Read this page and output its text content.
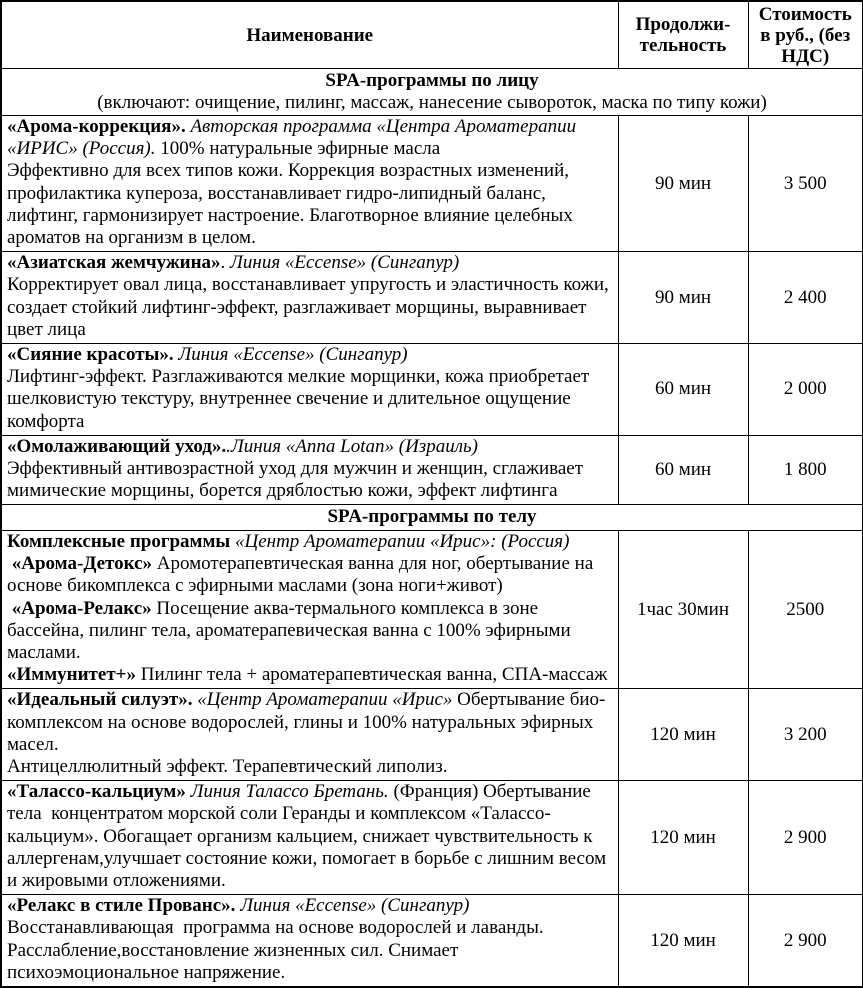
Наименование	Продолжи-тельность	Стоимость в руб., (без НДС)

SPA-программы по лицу
(включают: очищение, пилинг, массаж, нанесение сывороток, маска по типу кожи)		

«Арома-коррекция». Авторская программа «Центра Ароматерапии «ИРИС» (Россия). 100% натуральные эфирные масла
Эффективно для всех типов кожи. Коррекция возрастных изменений, профилактика купероза, восстанавливает гидро-липидный баланс, лифтинг, гармонизирует настроение. Благотворное влияние целебных ароматов на организм в целом.	90 мин	3 500
«Азиатская жемчужина». Линия «Eccense» (Сингапур)
Корректирует овал лица, восстанавливает упругость и эластичность кожи, создает стойкий лифтинг-эффект, разглаживает морщины, выравнивает цвет лица	90 мин	2 400
«Сияние красоты». Линия «Eccense» (Сингапур)
Лифтинг-эффект. Разглаживаются мелкие морщинки, кожа приобретает шелковистую текстуру, внутреннее свечение и длительное ощущение комфорта	60 мин	2 000
«Омолаживающий уход»..Линия «Anna Lotan» (Израиль)
Эффективный антивозрастной уход для мужчин и женщин, сглаживает мимические морщины, борется дряблостью кожи, эффект лифтинга	60 мин	1 800

SPA-программы по телу		

Комплексные программы «Центр Ароматерапии «Ирис»: (Россия)
«Арома-Детокс» Аромотерапевтическая ванна для ног, обертывание на основе бикомплекса с эфирными маслами (зона ноги+живот)
«Арома-Релакс» Посещение аква-термального комплекса в зоне бассейна, пилинг тела, ароматерапевическая ванна с 100% эфирными маслами.
«Иммунитет+» Пилинг тела + ароматерапевтическая ванна, СПА-массаж	1час 30мин	2500
«Идеальный силуэт». «Центр Ароматерапии «Ирис» Обертывание био-комплексом на основе водорослей, глины и 100% натуральных эфирных масел.
Антицеллюлитный эффект. Терапевтический липолиз.	120 мин	3 200
«Талассо-кальциум» Линия Талассо Бретань. (Франция) Обертывание тела  концентратом морской соли Геранды и комплексом «Талассо-кальциум». Обогащает организм кальцием, снижает чувствительность к аллергенам,улучшает состояние кожи, помогает в борьбе с лишним весом и жировыми отложениями.	120 мин	2 900
«Релакс в стиле Прованс». Линия «Eccense» (Сингапур)
Восстанавливающая  программа на основе водорослей и лаванды. Расслабление,восстановление жизненных сил. Снимает психоэмоциональное напряжение.	120 мин	2 900
